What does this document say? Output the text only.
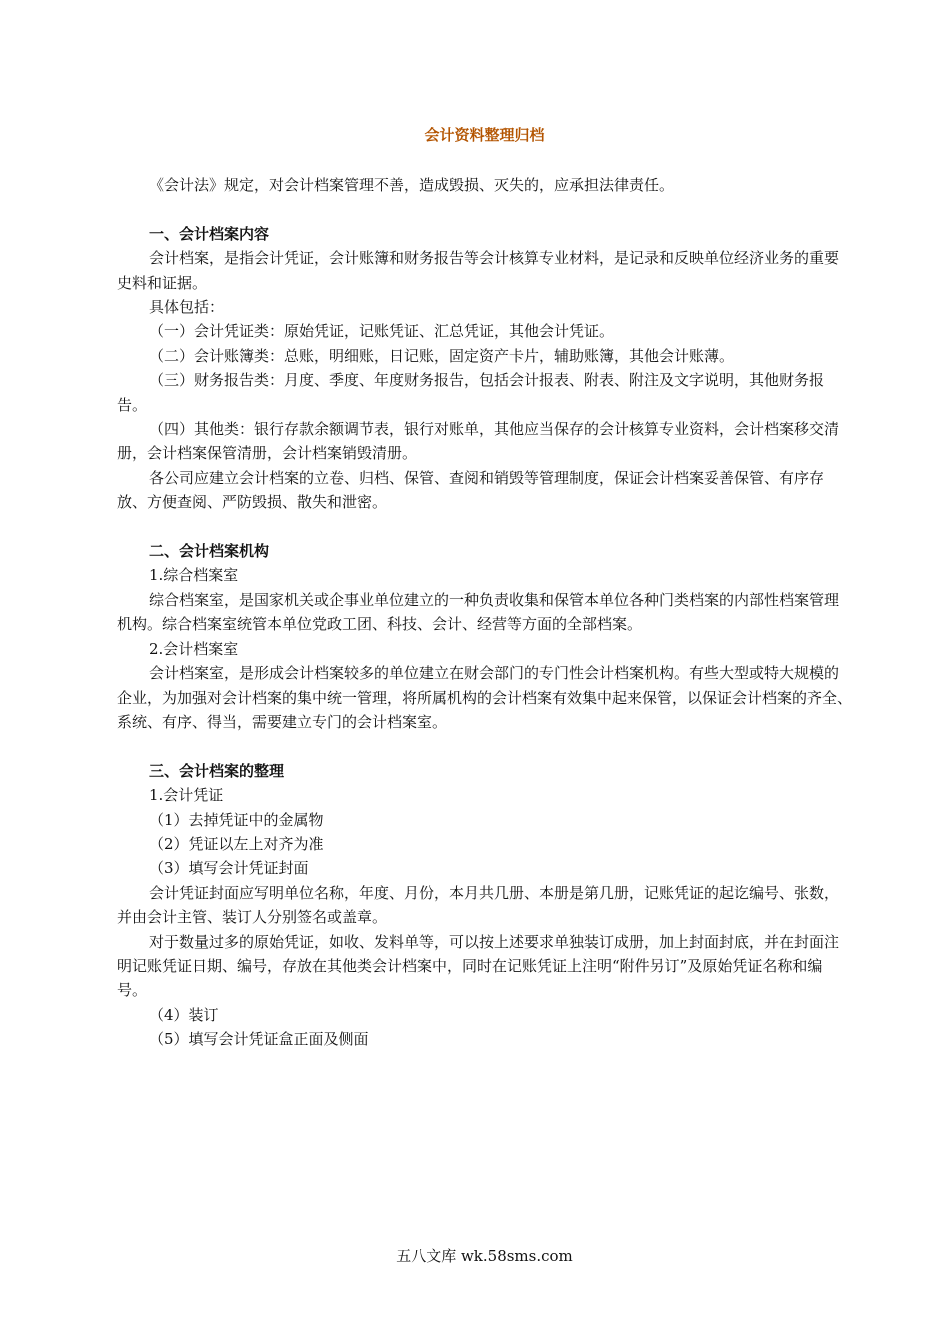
会计资料整理归档

《会计法》规定，对会计档案管理不善，造成毁损、灭失的，应承担法律责任。

一、会计档案内容

会计档案，是指会计凭证，会计账簿和财务报告等会计核算专业材料，是记录和反映单位经济业务的重要史料和证据。

具体包括：

（一）会计凭证类：原始凭证，记账凭证、汇总凭证，其他会计凭证。

（二）会计账簿类：总账，明细账，日记账，固定资产卡片，辅助账簿，其他会计账薄。

（三）财务报告类：月度、季度、年度财务报告，包括会计报表、附表、附注及文字说明，其他财务报告。

（四）其他类：银行存款余额调节表，银行对账单，其他应当保存的会计核算专业资料，会计档案移交清册，会计档案保管清册，会计档案销毁清册。

各公司应建立会计档案的立卷、归档、保管、查阅和销毁等管理制度，保证会计档案妥善保管、有序存放、方便查阅、严防毁损、散失和泄密。

二、会计档案机构

1.综合档案室

综合档案室，是国家机关或企事业单位建立的一种负责收集和保管本单位各种门类档案的内部性档案管理机构。综合档案室统管本单位党政工团、科技、会计、经营等方面的全部档案。

2.会计档案室

会计档案室，是形成会计档案较多的单位建立在财会部门的专门性会计档案机构。有些大型或特大规模的企业，为加强对会计档案的集中统一管理，将所属机构的会计档案有效集中起来保管，以保证会计档案的齐全、系统、有序、得当，需要建立专门的会计档案室。

三、会计档案的整理

1.会计凭证

（1）去掉凭证中的金属物

（2）凭证以左上对齐为准

（3）填写会计凭证封面

会计凭证封面应写明单位名称，年度、月份，本月共几册、本册是第几册，记账凭证的起讫编号、张数，并由会计主管、装订人分别签名或盖章。

对于数量过多的原始凭证，如收、发料单等，可以按上述要求单独装订成册，加上封面封底，并在封面注明记账凭证日期、编号，存放在其他类会计档案中，同时在记账凭证上注明“附件另订”及原始凭证名称和编号。

（4）装订

（5）填写会计凭证盒正面及侧面

五八文库 wk.58sms.com
